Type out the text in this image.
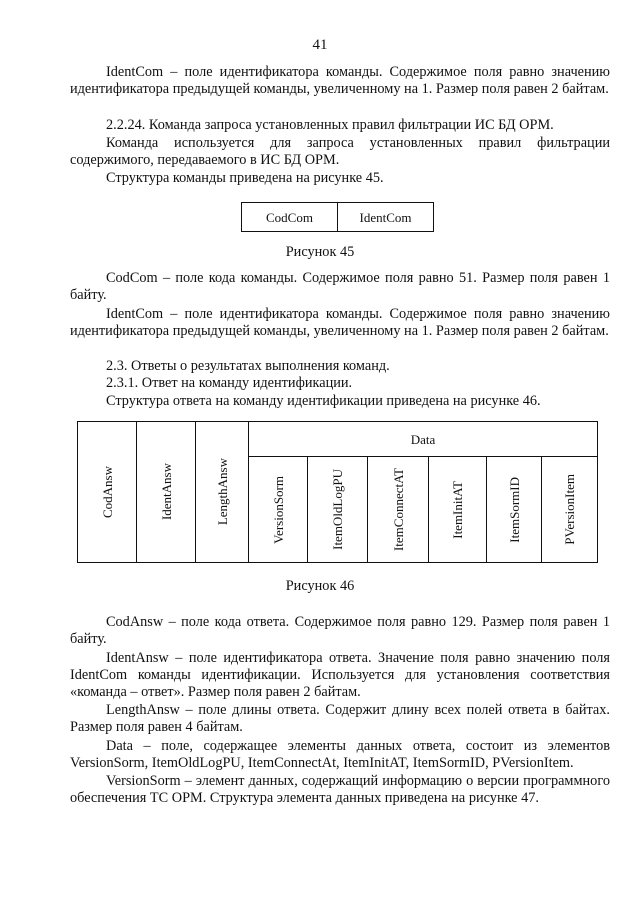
41
IdentCom – поле идентификатора команды. Содержимое поля равно значению идентификатора предыдущей команды, увеличенному на 1. Размер поля равен 2 байтам.
2.2.24. Команда запроса установленных правил фильтрации ИС БД ОРМ.
Команда используется для запроса установленных правил фильтрации содержимого, передаваемого в ИС БД ОРМ.
Структура команды приведена на рисунке 45.
CodCom	IdentCom
Рисунок 45
CodCom – поле кода команды. Содержимое поля равно 51. Размер поля равен 1 байту.
IdentCom – поле идентификатора команды. Содержимое поля равно значению идентификатора предыдущей команды, увеличенному на 1. Размер поля равен 2 байтам.
2.3. Ответы о результатах выполнения команд.
2.3.1. Ответ на команду идентификации.
Структура ответа на команду идентификации приведена на рисунке 46.
CodAnsw	IdentAnsw	LengthAnsw	Data					

			VersionSorm	ItemOldLogPU	ItemConnectAT	ItemInitAT	ItemSormID	PVersionItem
Рисунок 46
CodAnsw – поле кода ответа. Содержимое поля равно 129. Размер поля равен 1 байту.
IdentAnsw – поле идентификатора ответа. Значение поля равно значению поля IdentCom команды идентификации. Используется для установления соответствия «команда – ответ». Размер поля равен 2 байтам.
LengthAnsw – поле длины ответа. Содержит длину всех полей ответа в байтах. Размер поля равен 4 байтам.
Data – поле, содержащее элементы данных ответа, состоит из элементов VersionSorm, ItemOldLogPU, ItemConnectAt, ItemInitAT, ItemSormID, PVersionItem.
VersionSorm – элемент данных, содержащий информацию о версии программного обеспечения ТС ОРМ. Структура элемента данных приведена на рисунке 47.
